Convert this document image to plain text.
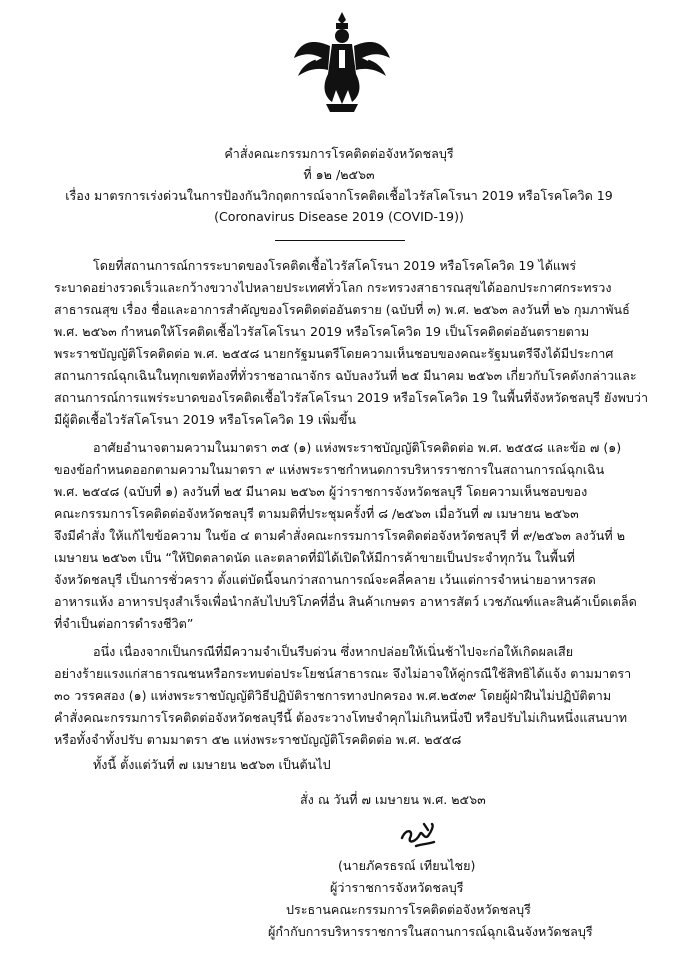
คำสั่งคณะกรรมการโรคติดต่อจังหวัดชลบุรี
ที่ ๑๒ /๒๕๖๓
เรื่อง มาตรการเร่งด่วนในการป้องกันวิกฤตการณ์จากโรคติดเชื้อไวรัสโคโรนา 2019 หรือโรคโควิด 19
(Coronavirus Disease 2019 (COVID-19))
โดยที่สถานการณ์การระบาดของโรคติดเชื้อไวรัสโคโรนา 2019 หรือโรคโควิด 19 ได้แพร่
ระบาดอย่างรวดเร็วและกว้างขวางไปหลายประเทศทั่วโลก กระทรวงสาธารณสุขได้ออกประกาศกระทรวง
สาธารณสุข เรื่อง ชื่อและอาการสำคัญของโรคติดต่ออันตราย (ฉบับที่ ๓) พ.ศ. ๒๕๖๓ ลงวันที่ ๒๖ กุมภาพันธ์
พ.ศ. ๒๕๖๓ กำหนดให้โรคติดเชื้อไวรัสโคโรนา 2019 หรือโรคโควิด 19 เป็นโรคติดต่ออันตรายตาม
พระราชบัญญัติโรคติดต่อ พ.ศ. ๒๕๕๘ นายกรัฐมนตรีโดยความเห็นชอบของคณะรัฐมนตรีจึงได้มีประกาศ
สถานการณ์ฉุกเฉินในทุกเขตท้องที่ทั่วราชอาณาจักร ฉบับลงวันที่ ๒๕ มีนาคม ๒๕๖๓ เกี่ยวกับโรคดังกล่าวและ
สถานการณ์การแพร่ระบาดของโรคติดเชื้อไวรัสโคโรนา 2019 หรือโรคโควิด 19 ในพื้นที่จังหวัดชลบุรี ยังพบว่า
มีผู้ติดเชื้อไวรัสโคโรนา 2019 หรือโรคโควิด 19 เพิ่มขึ้น
อาศัยอำนาจตามความในมาตรา ๓๕ (๑) แห่งพระราชบัญญัติโรคติดต่อ พ.ศ. ๒๕๕๘ และข้อ ๗ (๑)
ของข้อกำหนดออกตามความในมาตรา ๙ แห่งพระราชกำหนดการบริหารราชการในสถานการณ์ฉุกเฉิน
พ.ศ. ๒๕๔๘ (ฉบับที่ ๑) ลงวันที่ ๒๕ มีนาคม ๒๕๖๓ ผู้ว่าราชการจังหวัดชลบุรี โดยความเห็นชอบของ
คณะกรรมการโรคติดต่อจังหวัดชลบุรี ตามมติที่ประชุมครั้งที่ ๘ /๒๕๖๓ เมื่อวันที่ ๗ เมษายน ๒๕๖๓
จึงมีคำสั่ง ให้แก้ไขข้อความ ในข้อ ๔ ตามคำสั่งคณะกรรมการโรคติดต่อจังหวัดชลบุรี ที่ ๙/๒๕๖๓ ลงวันที่ ๒
เมษายน ๒๕๖๓ เป็น “ให้ปิดตลาดนัด และตลาดที่มิได้เปิดให้มีการค้าขายเป็นประจำทุกวัน ในพื้นที่
จังหวัดชลบุรี เป็นการชั่วคราว ตั้งแต่บัดนี้จนกว่าสถานการณ์จะคลี่คลาย เว้นแต่การจำหน่ายอาหารสด
อาหารแห้ง อาหารปรุงสำเร็จเพื่อนำกลับไปบริโภคที่อื่น สินค้าเกษตร อาหารสัตว์ เวชภัณฑ์และสินค้าเบ็ดเตล็ด
ที่จำเป็นต่อการดำรงชีวิต”
อนึ่ง เนื่องจากเป็นกรณีที่มีความจำเป็นรีบด่วน ซึ่งหากปล่อยให้เนิ่นช้าไปจะก่อให้เกิดผลเสีย
อย่างร้ายแรงแก่สาธารณชนหรือกระทบต่อประโยชน์สาธารณะ จึงไม่อาจให้คู่กรณีใช้สิทธิได้แจ้ง ตามมาตรา
๓๐ วรรคสอง (๑) แห่งพระราชบัญญัติวิธีปฏิบัติราชการทางปกครอง พ.ศ.๒๕๓๙ โดยผู้ฝ่าฝืนไม่ปฏิบัติตาม
คำสั่งคณะกรรมการโรคติดต่อจังหวัดชลบุรีนี้ ต้องระวางโทษจำคุกไม่เกินหนึ่งปี หรือปรับไม่เกินหนึ่งแสนบาท
หรือทั้งจำทั้งปรับ ตามมาตรา ๕๒ แห่งพระราชบัญญัติโรคติดต่อ พ.ศ. ๒๕๕๘
ทั้งนี้ ตั้งแต่วันที่ ๗ เมษายน ๒๕๖๓ เป็นต้นไป
สั่ง ณ วันที่ ๗ เมษายน พ.ศ. ๒๕๖๓
(นายภัครธรณ์ เทียนไชย)
ผู้ว่าราชการจังหวัดชลบุรี
ประธานคณะกรรมการโรคติดต่อจังหวัดชลบุรี
ผู้กำกับการบริหารราชการในสถานการณ์ฉุกเฉินจังหวัดชลบุรี
